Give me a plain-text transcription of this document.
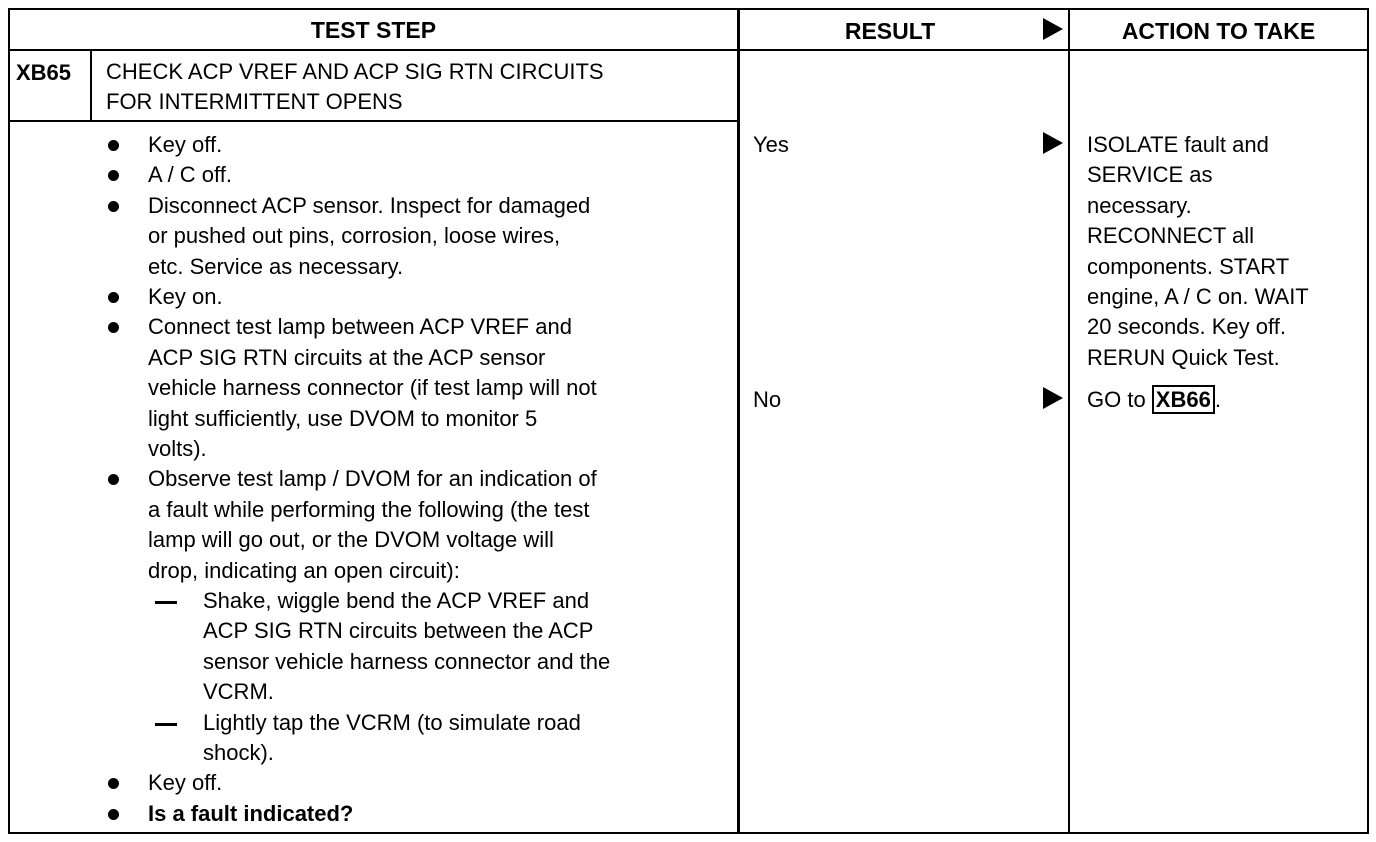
TEST STEP	RESULT	ACTION TO TAKE
XB65 CHECK ACP VREF AND ACP SIG RTN CIRCUITS
FOR INTERMITTENT OPENS
Key off.
A / C off.
Disconnect ACP sensor. Inspect for damaged
or pushed out pins, corrosion, loose wires,
etc. Service as necessary.
Key on.
Connect test lamp between ACP VREF and
ACP SIG RTN circuits at the ACP sensor
vehicle harness connector (if test lamp will not
light sufficiently, use DVOM to monitor 5
volts).
Observe test lamp / DVOM for an indication of
a fault while performing the following (the test
lamp will go out, or the DVOM voltage will
drop, indicating an open circuit):
Shake, wiggle bend the ACP VREF and
ACP SIG RTN circuits between the ACP
sensor vehicle harness connector and the
VCRM.
Lightly tap the VCRM (to simulate road
shock).
Key off.
Is a fault indicated?
Yes
No
ISOLATE fault and
SERVICE as
necessary.
RECONNECT all
components. START
engine, A / C on. WAIT
20 seconds. Key off.
RERUN Quick Test.
GO to XB66 .
